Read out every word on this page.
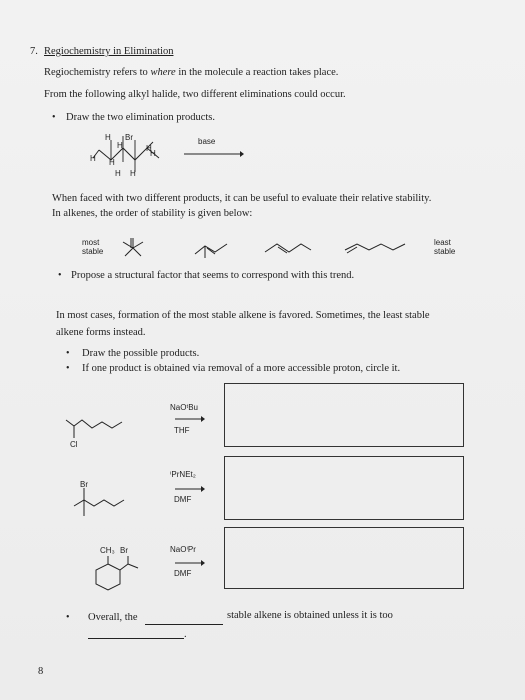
7. Regiochemistry in Elimination
Regiochemistry refers to where in the molecule a reaction takes place.
From the following alkyl halide, two different eliminations could occur.
• Draw the two elimination products.
H Br
H	H
H
H H
H H
base
When faced with two different products, it can be useful to evaluate their relative stability.
In alkenes, the order of stability is given below:
most
stable
least
stable
• Propose a structural factor that seems to correspond with this trend.
In most cases, formation of the most stable alkene is favored. Sometimes, the least stable
alkene forms instead.
• Draw the possible products.
• If one product is obtained via removal of a more accessible proton, circle it.
Cl
NaOᵗBu
THF
Br
ⁱPrNEt₂
DMF
CH₃ Br	NaOⁱPr
DMF
• Overall, the	stable alkene is obtained unless it is too
.
8
